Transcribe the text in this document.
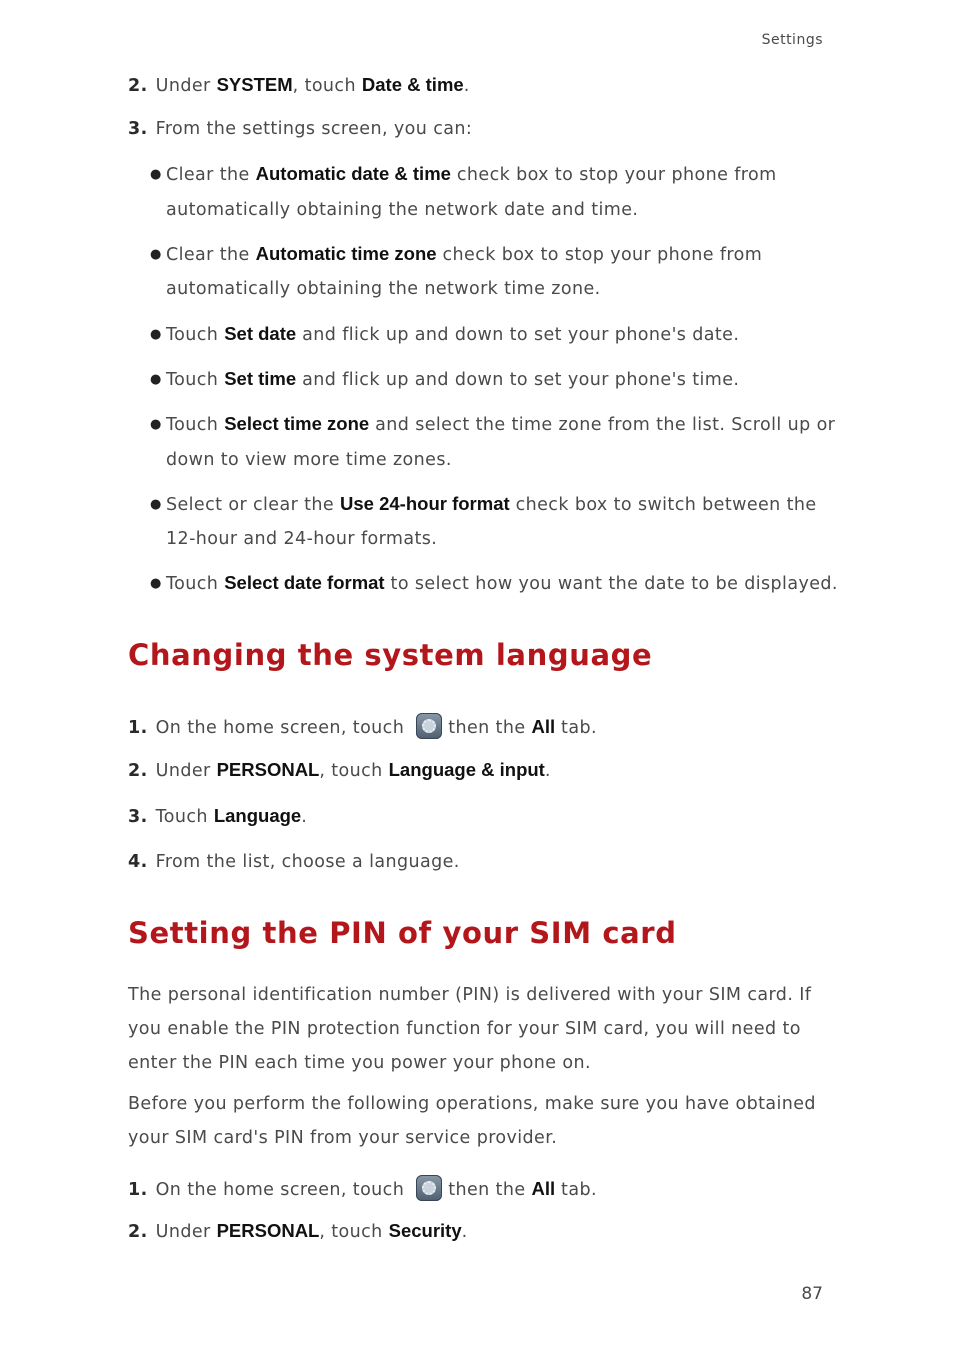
Settings
2. Under SYSTEM, touch Date & time.
3. From the settings screen, you can:
● Clear the Automatic date & time check box to stop your phone from
automatically obtaining the network date and time.
● Clear the Automatic time zone check box to stop your phone from
automatically obtaining the network time zone.
● Touch Set date and flick up and down to set your phone's date.
● Touch Set time and flick up and down to set your phone's time.
● Touch Select time zone and select the time zone from the list. Scroll up or
down to view more time zones.
● Select or clear the Use 24-hour format check box to switch between the
12-hour and 24-hour formats.
● Touch Select date format to select how you want the date to be displayed.
Changing the system language
1. On the home screen, touch	then the All tab.
2. Under PERSONAL, touch Language & input.
3. Touch Language.
4. From the list, choose a language.
Setting the PIN of your SIM card
The personal identification number (PIN) is delivered with your SIM card. If
you enable the PIN protection function for your SIM card, you will need to
enter the PIN each time you power your phone on.
Before you perform the following operations, make sure you have obtained
your SIM card's PIN from your service provider.
1. On the home screen, touch	then the All tab.
2. Under PERSONAL, touch Security.
87
